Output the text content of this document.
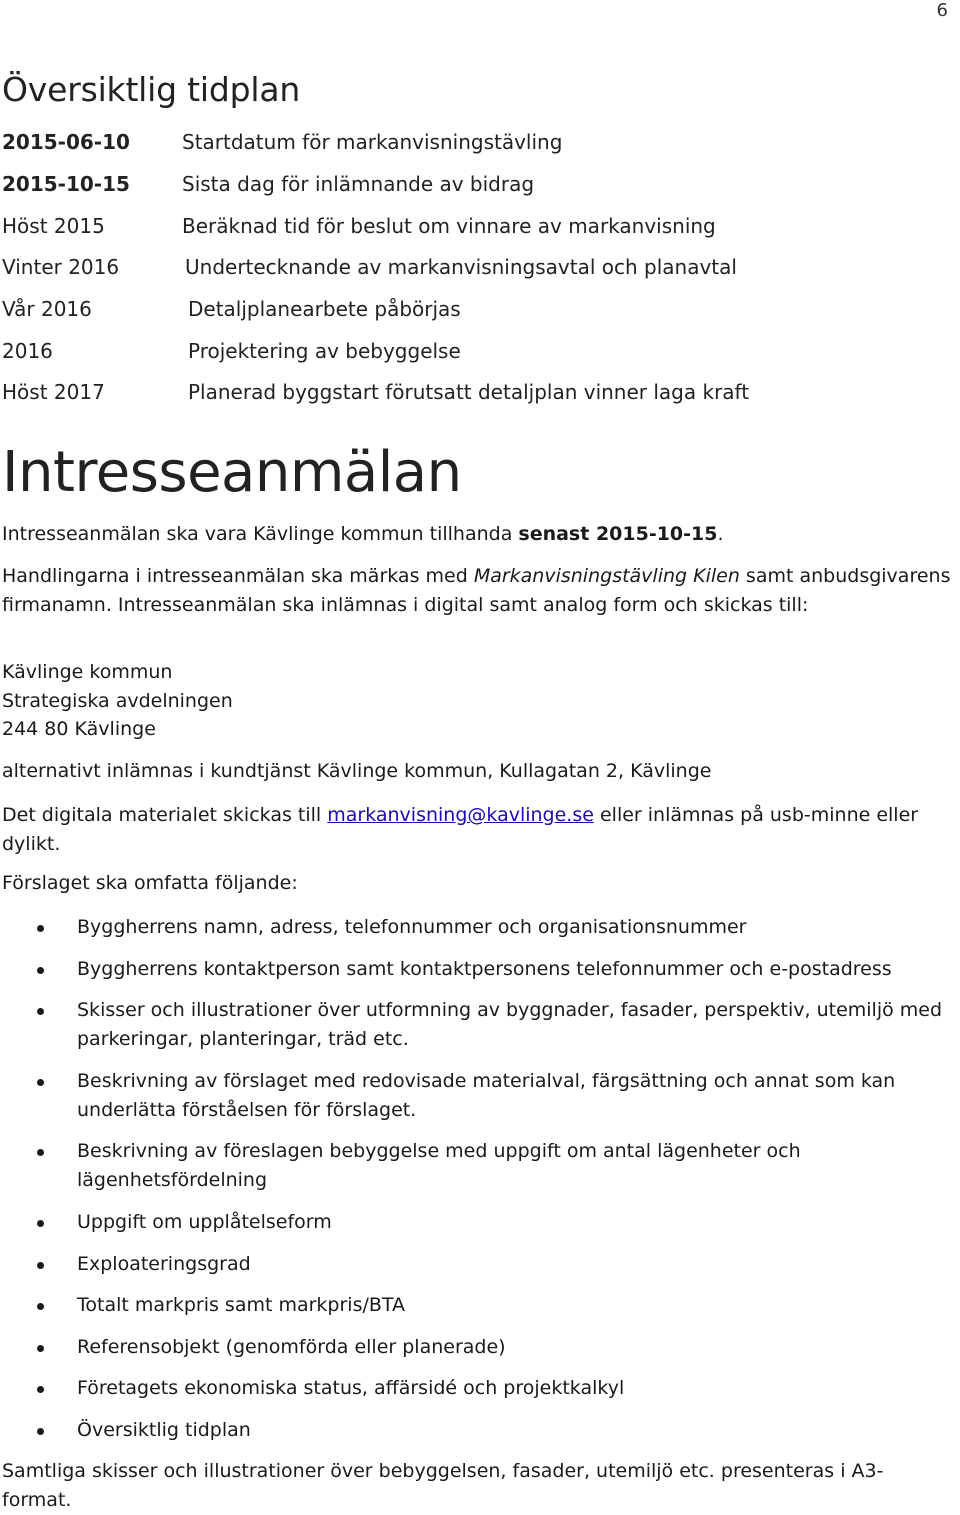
6
Översiktlig tidplan
2015-06-10	Startdatum för markanvisningstävling
2015-10-15	Sista dag för inlämnande av bidrag
Höst 2015	Beräknad tid för beslut om vinnare av markanvisning
Vinter 2016	Undertecknande av markanvisningsavtal och planavtal
Vår 2016	Detaljplanearbete påbörjas
2016	Projektering av bebyggelse
Höst 2017	Planerad byggstart förutsatt detaljplan vinner laga kraft
Intresseanmälan
Intresseanmälan ska vara Kävlinge kommun tillhanda senast 2015-10-15.
Handlingarna i intresseanmälan ska märkas med Markanvisningstävling Kilen samt anbudsgivarens firmanamn. Intresseanmälan ska inlämnas i digital samt analog form och skickas till:
Kävlinge kommun
Strategiska avdelningen
244 80 Kävlinge
alternativt inlämnas i kundtjänst Kävlinge kommun, Kullagatan 2, Kävlinge
Det digitala materialet skickas till markanvisning@kavlinge.se eller inlämnas på usb-minne eller dylikt.
Förslaget ska omfatta följande:
Byggherrens namn, adress, telefonnummer och organisationsnummer
Byggherrens kontaktperson samt kontaktpersonens telefonnummer och e-postadress
Skisser och illustrationer över utformning av byggnader, fasader, perspektiv, utemiljö med parkeringar, planteringar, träd etc.
Beskrivning av förslaget med redovisade materialval, färgsättning och annat som kan underlätta förståelsen för förslaget.
Beskrivning av föreslagen bebyggelse med uppgift om antal lägenheter och lägenhetsfördelning
Uppgift om upplåtelseform
Exploateringsgrad
Totalt markpris samt markpris/BTA
Referensobjekt (genomförda eller planerade)
Företagets ekonomiska status, affärsidé och projektkalkyl
Översiktlig tidplan
Samtliga skisser och illustrationer över bebyggelsen, fasader, utemiljö etc. presenteras i A3-format.
